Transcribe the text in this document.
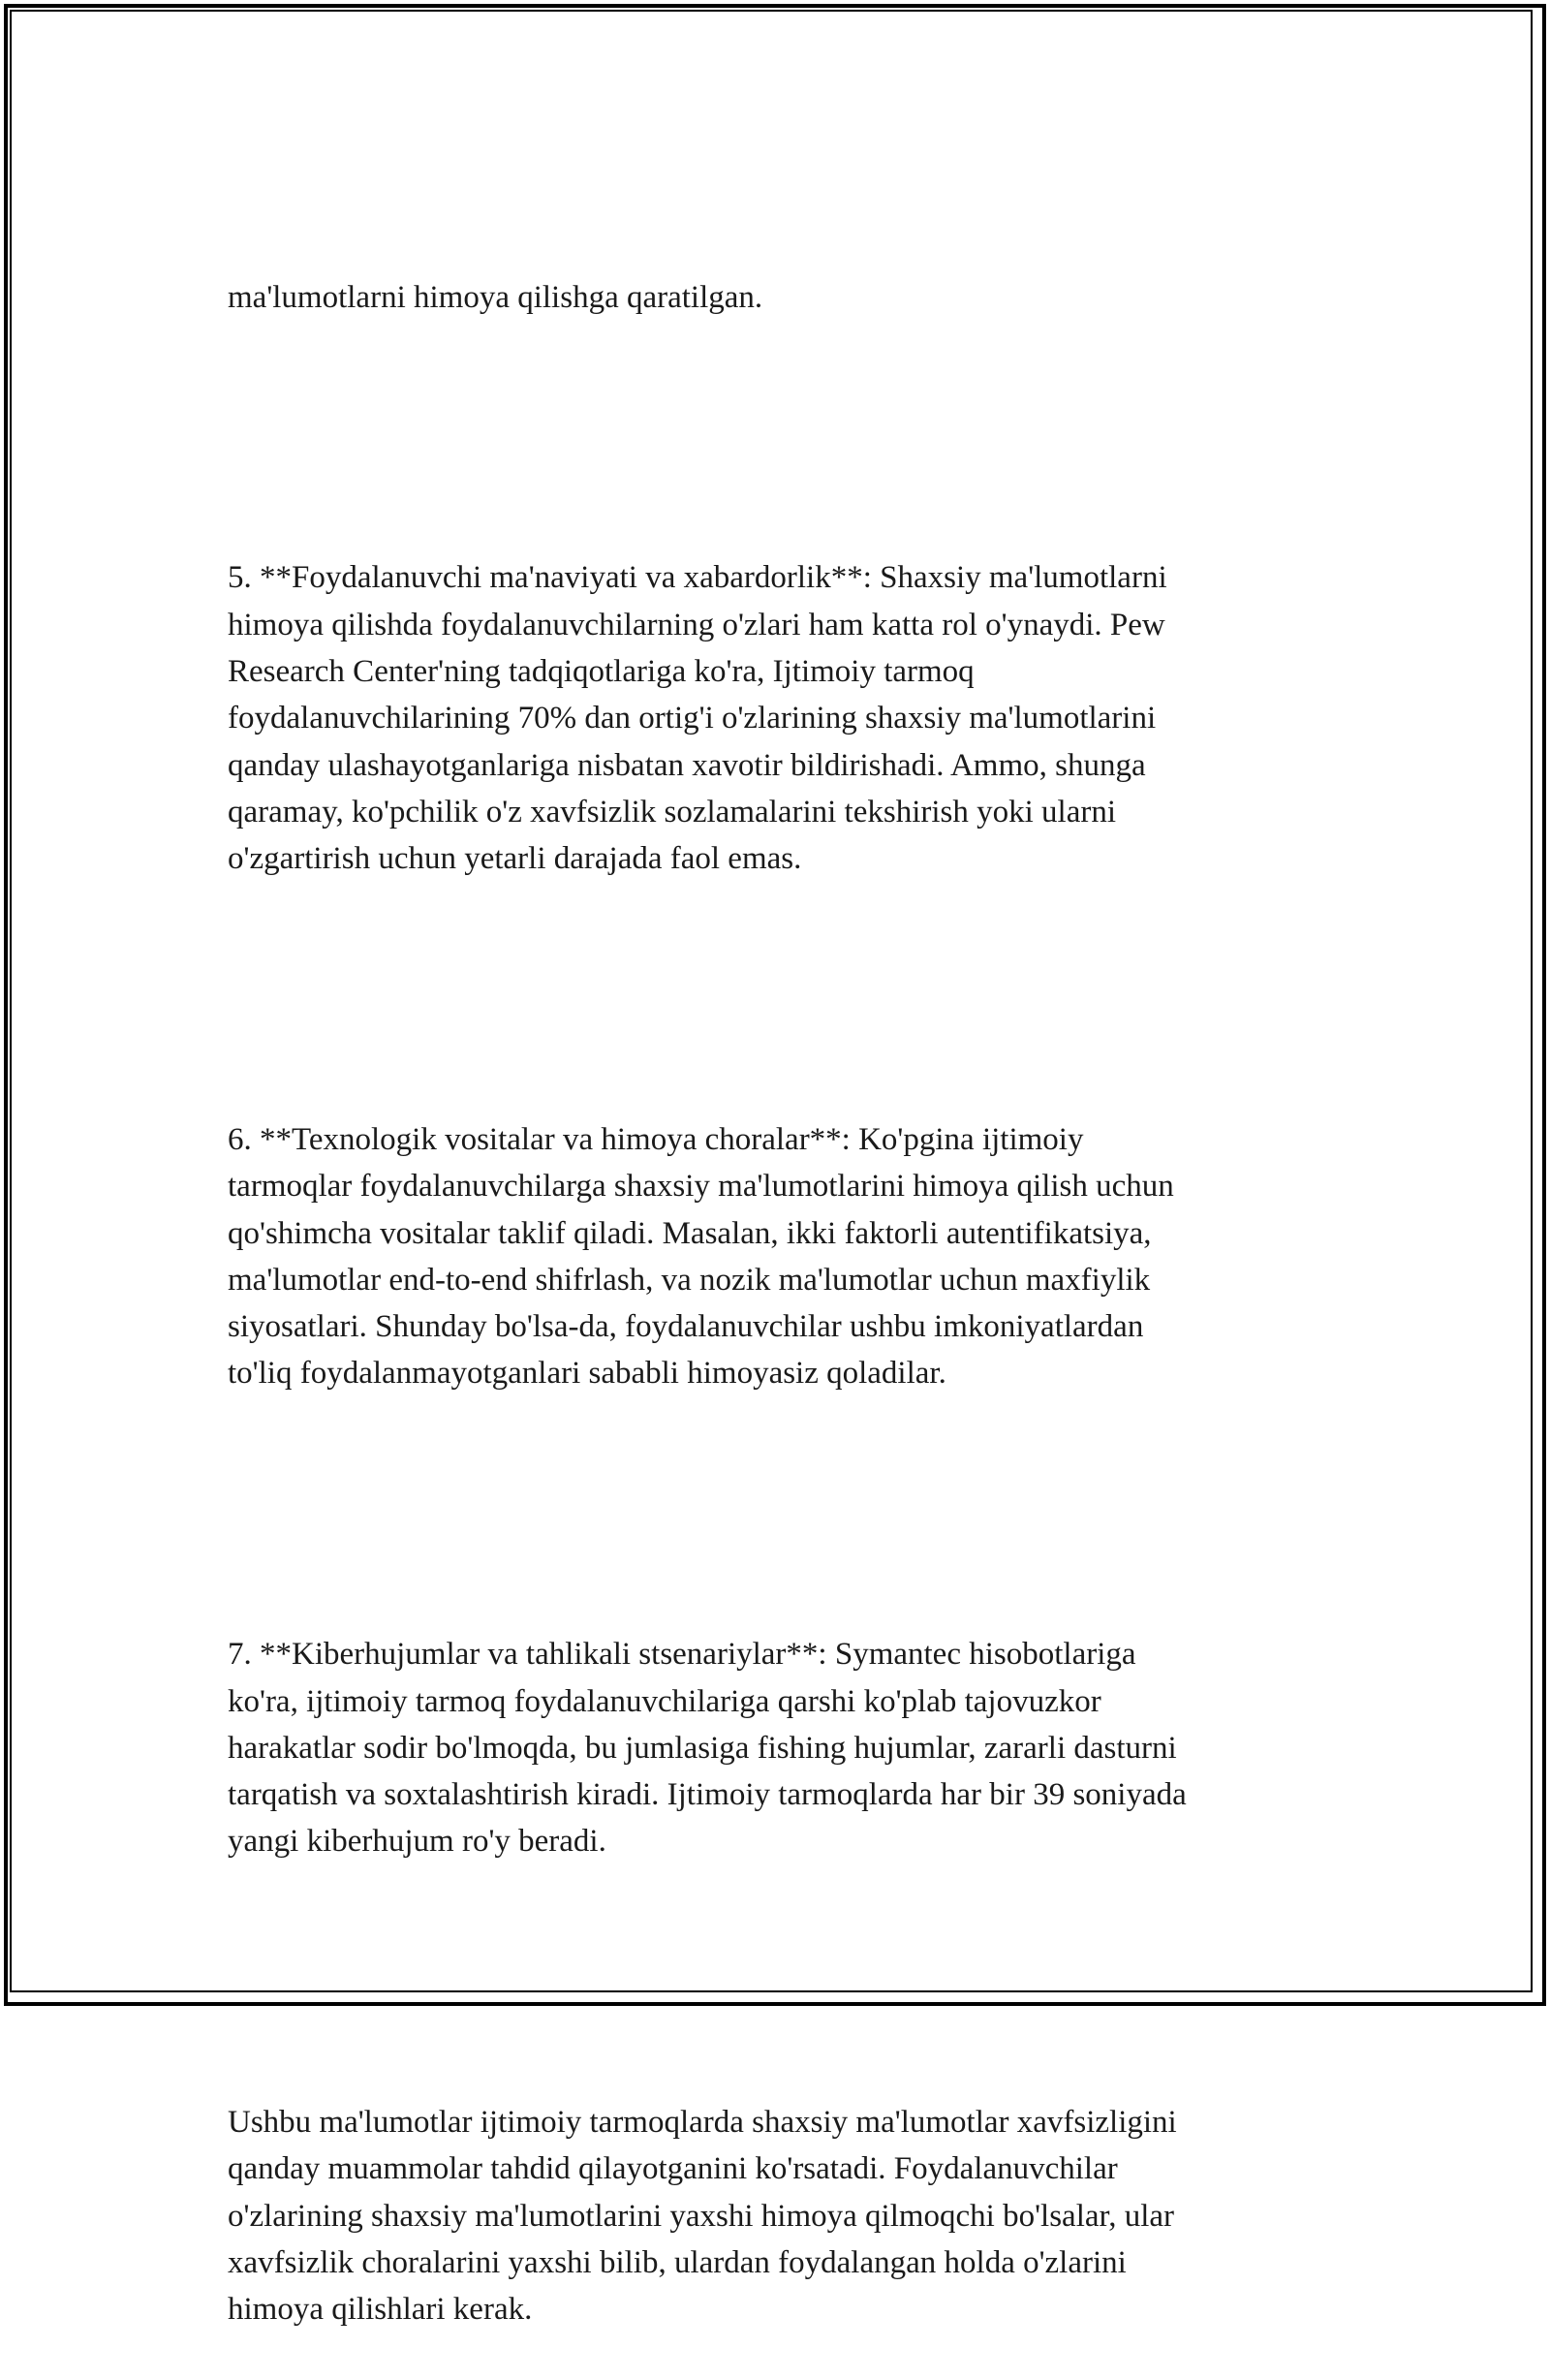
ma'lumotlarni himoya qilishga qaratilgan.

5. **Foydalanuvchi ma'naviyati va xabardorlik**: Shaxsiy ma'lumotlarni
himoya qilishda foydalanuvchilarning o'zlari ham katta rol o'ynaydi. Pew
Research Center'ning tadqiqotlariga ko'ra, Ijtimoiy tarmoq
foydalanuvchilarining 70% dan ortig'i o'zlarining shaxsiy ma'lumotlarini
qanday ulashayotganlariga nisbatan xavotir bildirishadi. Ammo, shunga
qaramay, ko'pchilik o'z xavfsizlik sozlamalarini tekshirish yoki ularni
o'zgartirish uchun yetarli darajada faol emas.

6. **Texnologik vositalar va himoya choralar**: Ko'pgina ijtimoiy
tarmoqlar foydalanuvchilarga shaxsiy ma'lumotlarini himoya qilish uchun
qo'shimcha vositalar taklif qiladi. Masalan, ikki faktorli autentifikatsiya,
ma'lumotlar end-to-end shifrlash, va nozik ma'lumotlar uchun maxfiylik
siyosatlari. Shunday bo'lsa-da, foydalanuvchilar ushbu imkoniyatlardan
to'liq foydalanmayotganlari sababli himoyasiz qoladilar.

7. **Kiberhujumlar va tahlikali stsenariylar**: Symantec hisobotlariga
ko'ra, ijtimoiy tarmoq foydalanuvchilariga qarshi ko'plab tajovuzkor
harakatlar sodir bo'lmoqda, bu jumlasiga fishing hujumlar, zararli dasturni
tarqatish va soxtalashtirish kiradi. Ijtimoiy tarmoqlarda har bir 39 soniyada
yangi kiberhujum ro'y beradi.

Ushbu ma'lumotlar ijtimoiy tarmoqlarda shaxsiy ma'lumotlar xavfsizligini
qanday muammolar tahdid qilayotganini ko'rsatadi. Foydalanuvchilar
o'zlarining shaxsiy ma'lumotlarini yaxshi himoya qilmoqchi bo'lsalar, ular
xavfsizlik choralarini yaxshi bilib, ulardan foydalangan holda o'zlarini
himoya qilishlari kerak.
